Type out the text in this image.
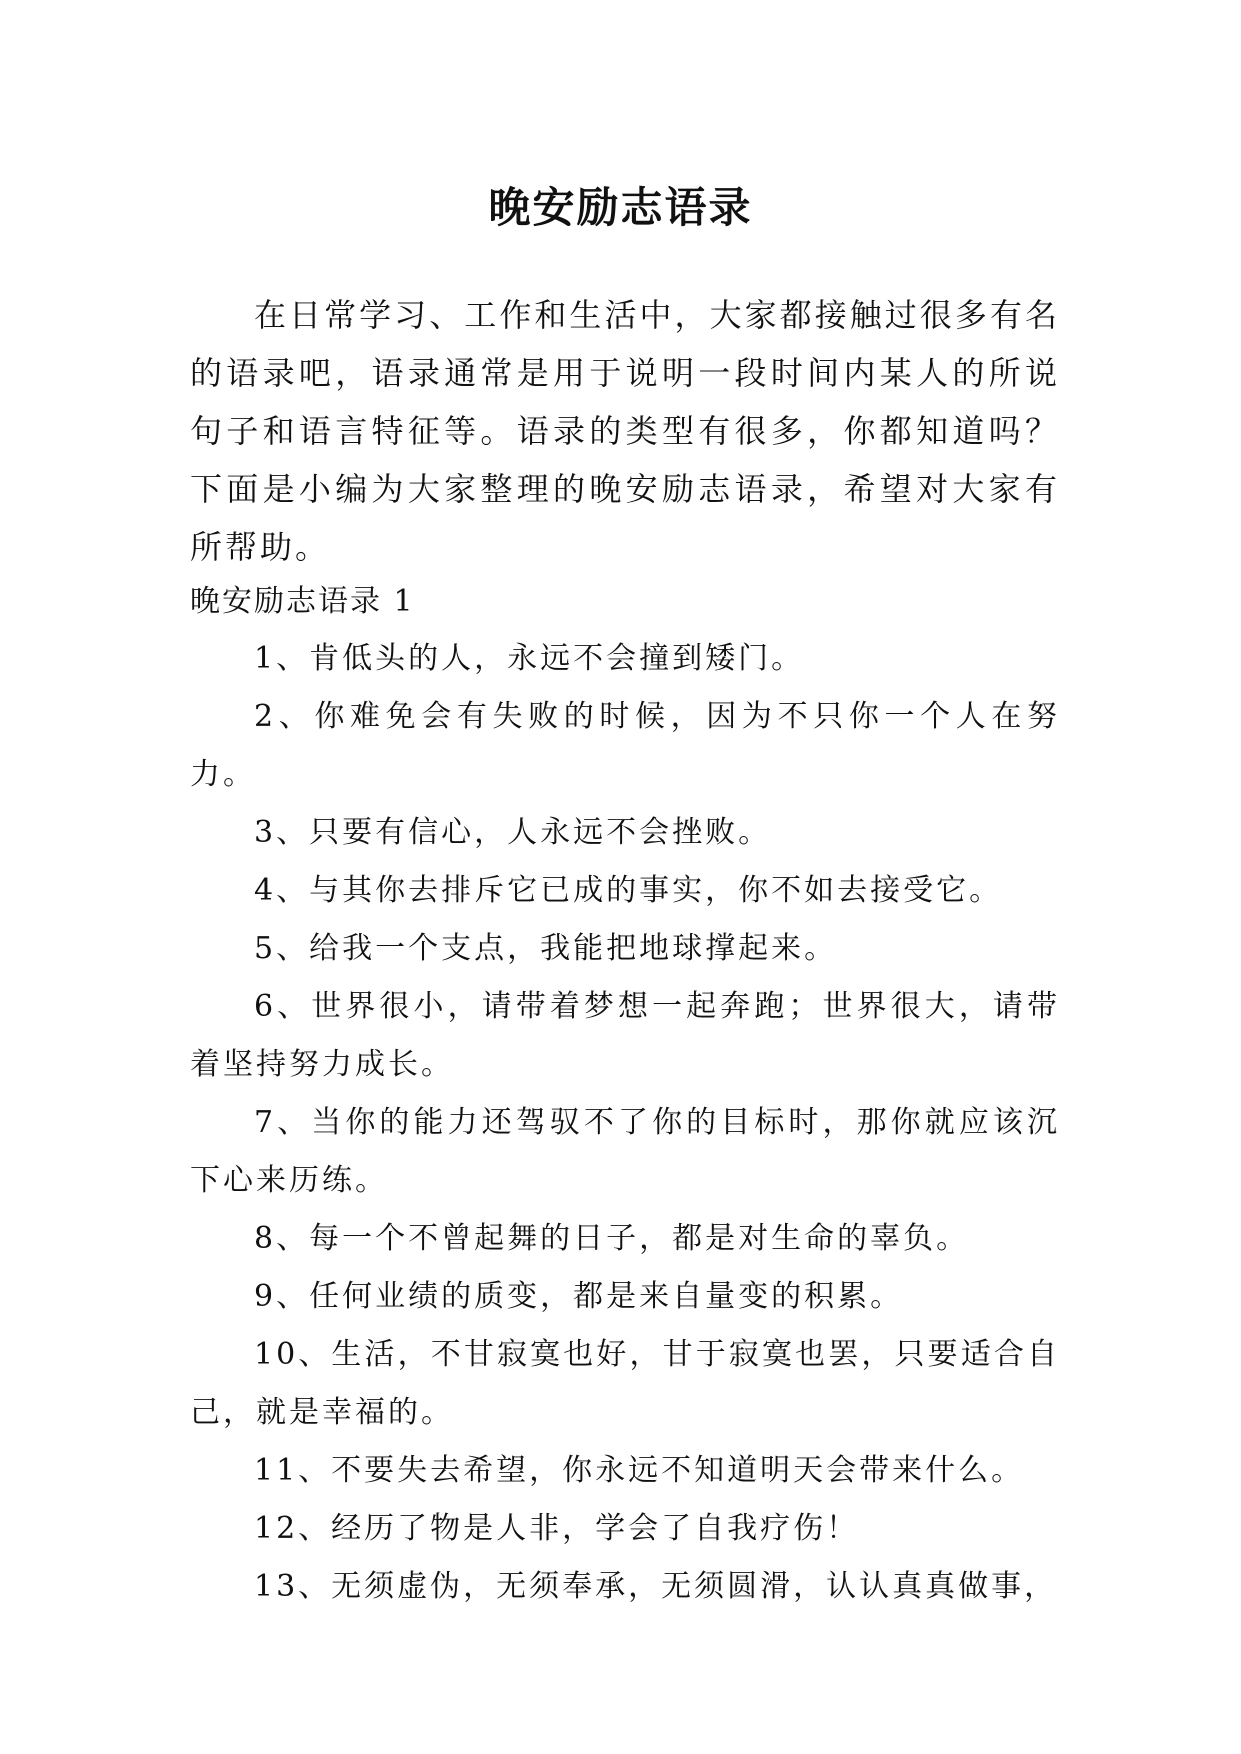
晚安励志语录

在日常学习、工作和生活中，大家都接触过很多有名的语录吧，语录通常是用于说明一段时间内某人的所说句子和语言特征等。语录的类型有很多，你都知道吗？下面是小编为大家整理的晚安励志语录，希望对大家有所帮助。

晚安励志语录 1

1、肯低头的人，永远不会撞到矮门。

2、你难免会有失败的时候，因为不只你一个人在努力。

3、只要有信心，人永远不会挫败。

4、与其你去排斥它已成的事实，你不如去接受它。

5、给我一个支点，我能把地球撑起来。

6、世界很小，请带着梦想一起奔跑；世界很大，请带着坚持努力成长。

7、当你的能力还驾驭不了你的目标时，那你就应该沉下心来历练。

8、每一个不曾起舞的日子，都是对生命的辜负。

9、任何业绩的质变，都是来自量变的积累。

10、生活，不甘寂寞也好，甘于寂寞也罢，只要适合自己，就是幸福的。

11、不要失去希望，你永远不知道明天会带来什么。

12、经历了物是人非，学会了自我疗伤！

13、无须虚伪，无须奉承，无须圆滑，认认真真做事，
